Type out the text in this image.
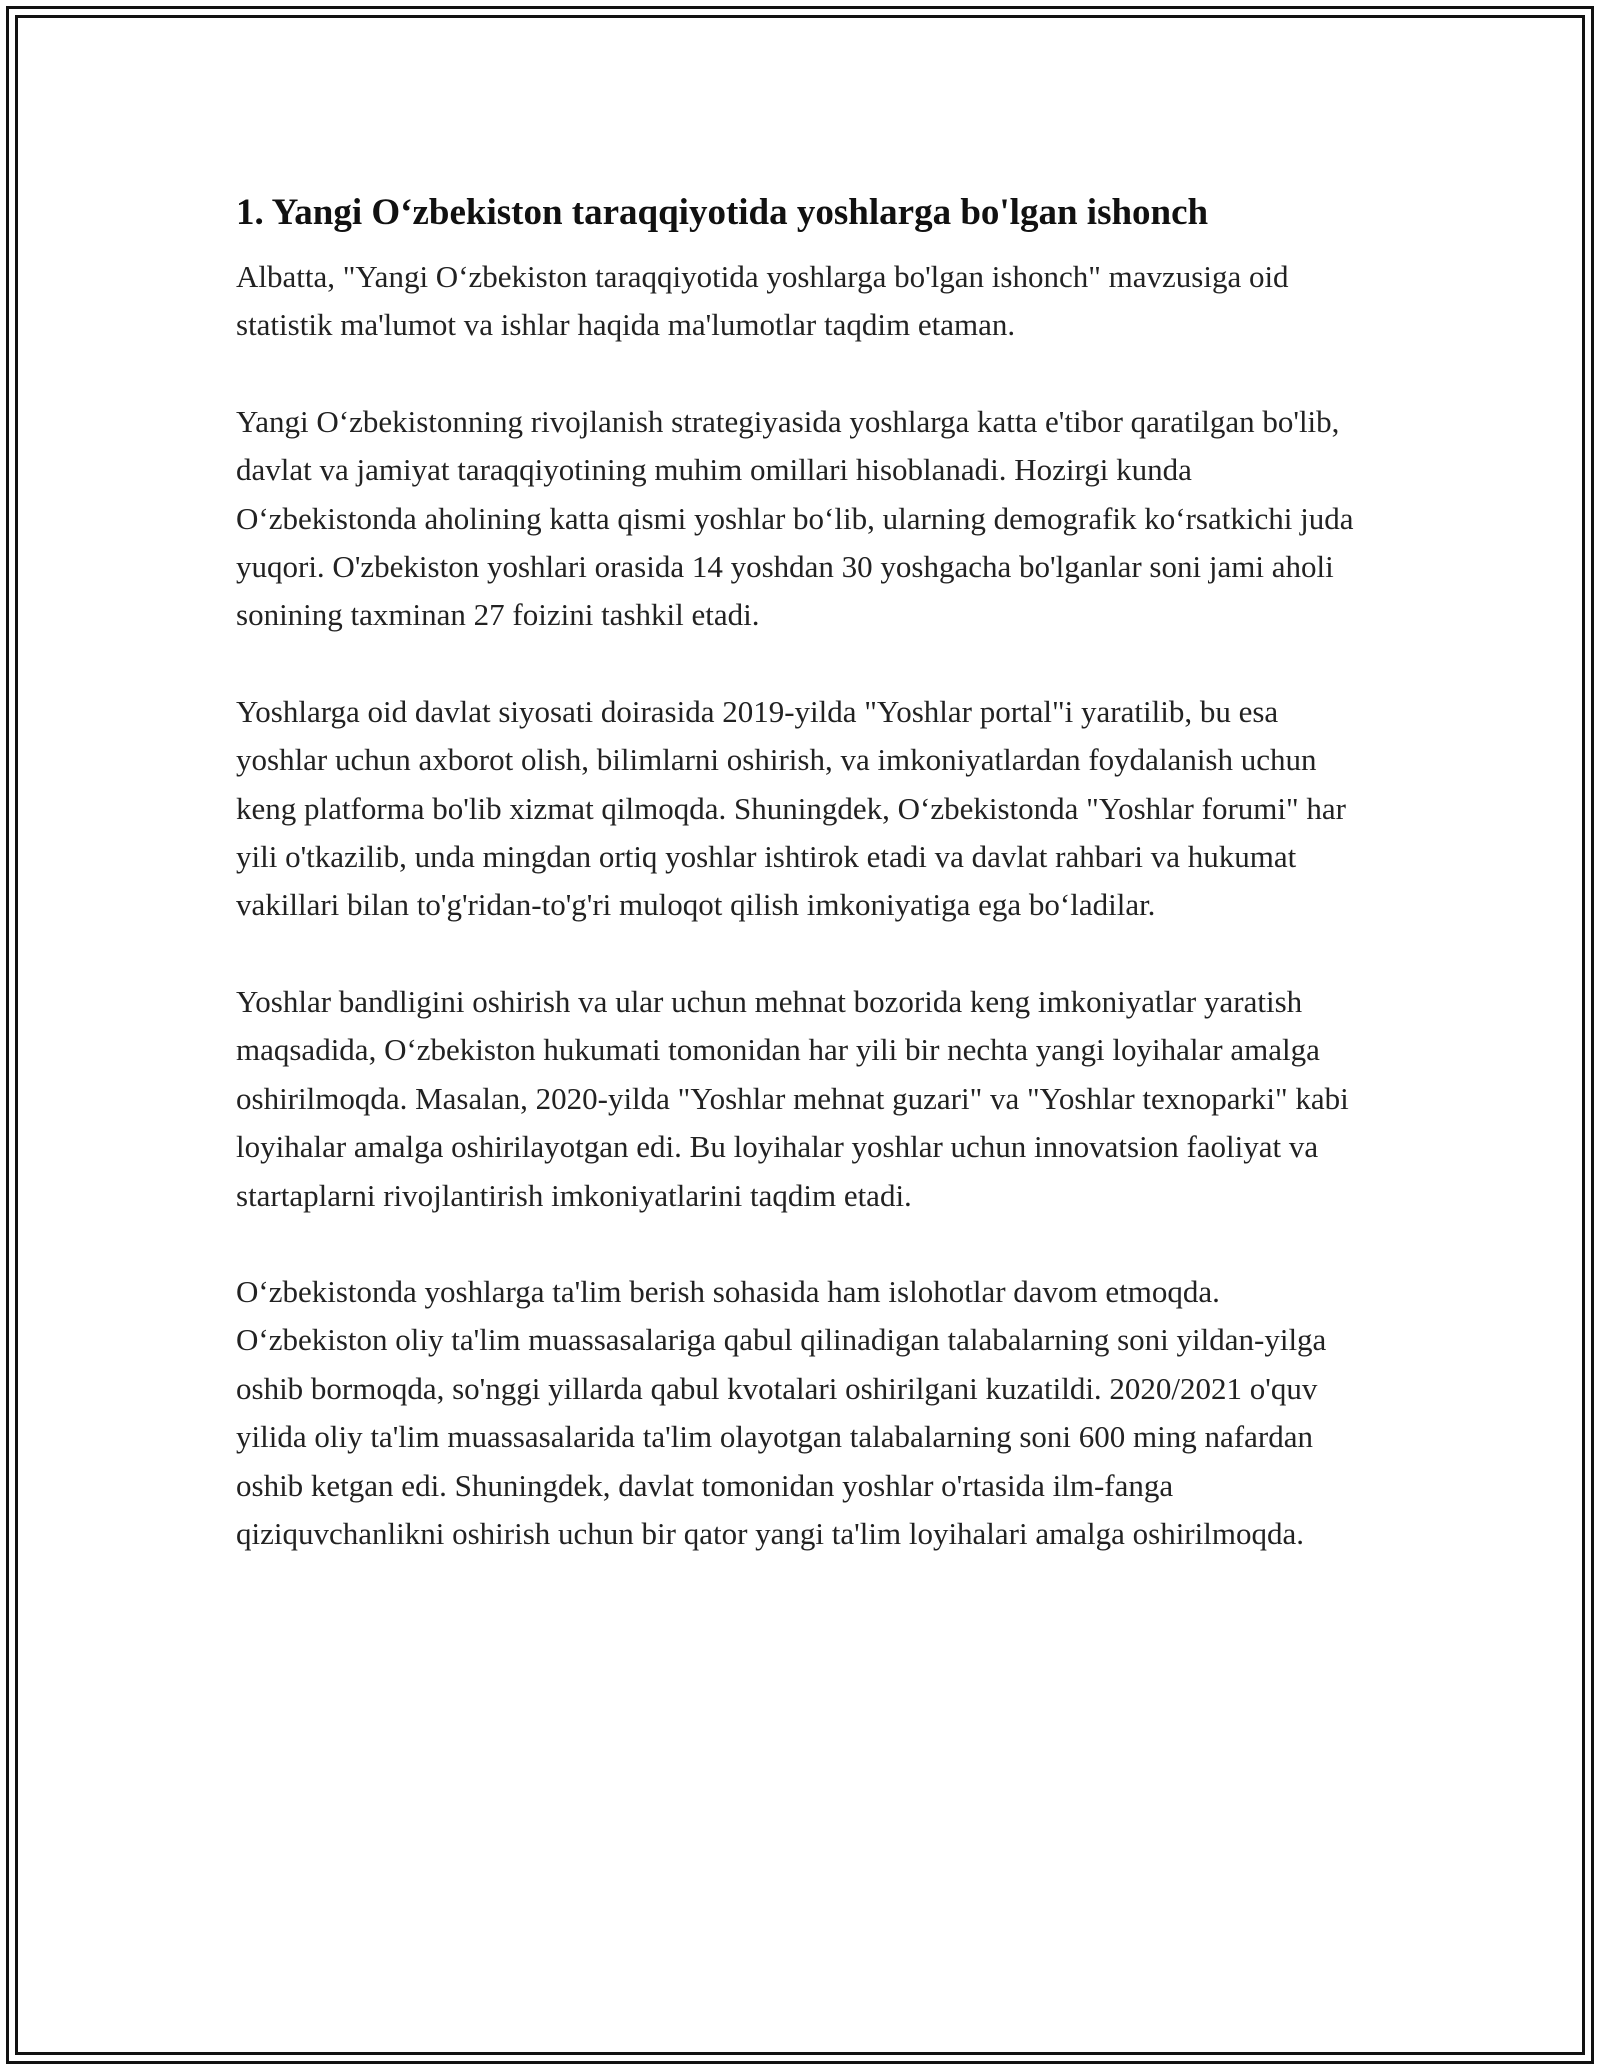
1. Yangi O‘zbekiston taraqqiyotida yoshlarga bo'lgan ishonch

Albatta, "Yangi O‘zbekiston taraqqiyotida yoshlarga bo'lgan ishonch" mavzusiga oid statistik ma'lumot va ishlar haqida ma'lumotlar taqdim etaman.

Yangi O‘zbekistonning rivojlanish strategiyasida yoshlarga katta e'tibor qaratilgan bo'lib, davlat va jamiyat taraqqiyotining muhim omillari hisoblanadi. Hozirgi kunda O‘zbekistonda aholining katta qismi yoshlar bo‘lib, ularning demografik ko‘rsatkichi juda yuqori. O'zbekiston yoshlari orasida 14 yoshdan 30 yoshgacha bo'lganlar soni jami aholi sonining taxminan 27 foizini tashkil etadi.

Yoshlarga oid davlat siyosati doirasida 2019-yilda "Yoshlar portal"i yaratilib, bu esa yoshlar uchun axborot olish, bilimlarni oshirish, va imkoniyatlardan foydalanish uchun keng platforma bo'lib xizmat qilmoqda. Shuningdek, O‘zbekistonda "Yoshlar forumi" har yili o'tkazilib, unda mingdan ortiq yoshlar ishtirok etadi va davlat rahbari va hukumat vakillari bilan to'g'ridan-to'g'ri muloqot qilish imkoniyatiga ega bo‘ladilar.

Yoshlar bandligini oshirish va ular uchun mehnat bozorida keng imkoniyatlar yaratish maqsadida, O‘zbekiston hukumati tomonidan har yili bir nechta yangi loyihalar amalga oshirilmoqda. Masalan, 2020-yilda "Yoshlar mehnat guzari" va "Yoshlar texnoparki" kabi loyihalar amalga oshirilayotgan edi. Bu loyihalar yoshlar uchun innovatsion faoliyat va startaplarni rivojlantirish imkoniyatlarini taqdim etadi.

O‘zbekistonda yoshlarga ta'lim berish sohasida ham islohotlar davom etmoqda. O‘zbekiston oliy ta'lim muassasalariga qabul qilinadigan talabalarning soni yildan-yilga oshib bormoqda, so'nggi yillarda qabul kvotalari oshirilgani kuzatildi. 2020/2021 o'quv yilida oliy ta'lim muassasalarida ta'lim olayotgan talabalarning soni 600 ming nafardan oshib ketgan edi. Shuningdek, davlat tomonidan yoshlar o'rtasida ilm-fanga qiziquvchanlikni oshirish uchun bir qator yangi ta'lim loyihalari amalga oshirilmoqda.
